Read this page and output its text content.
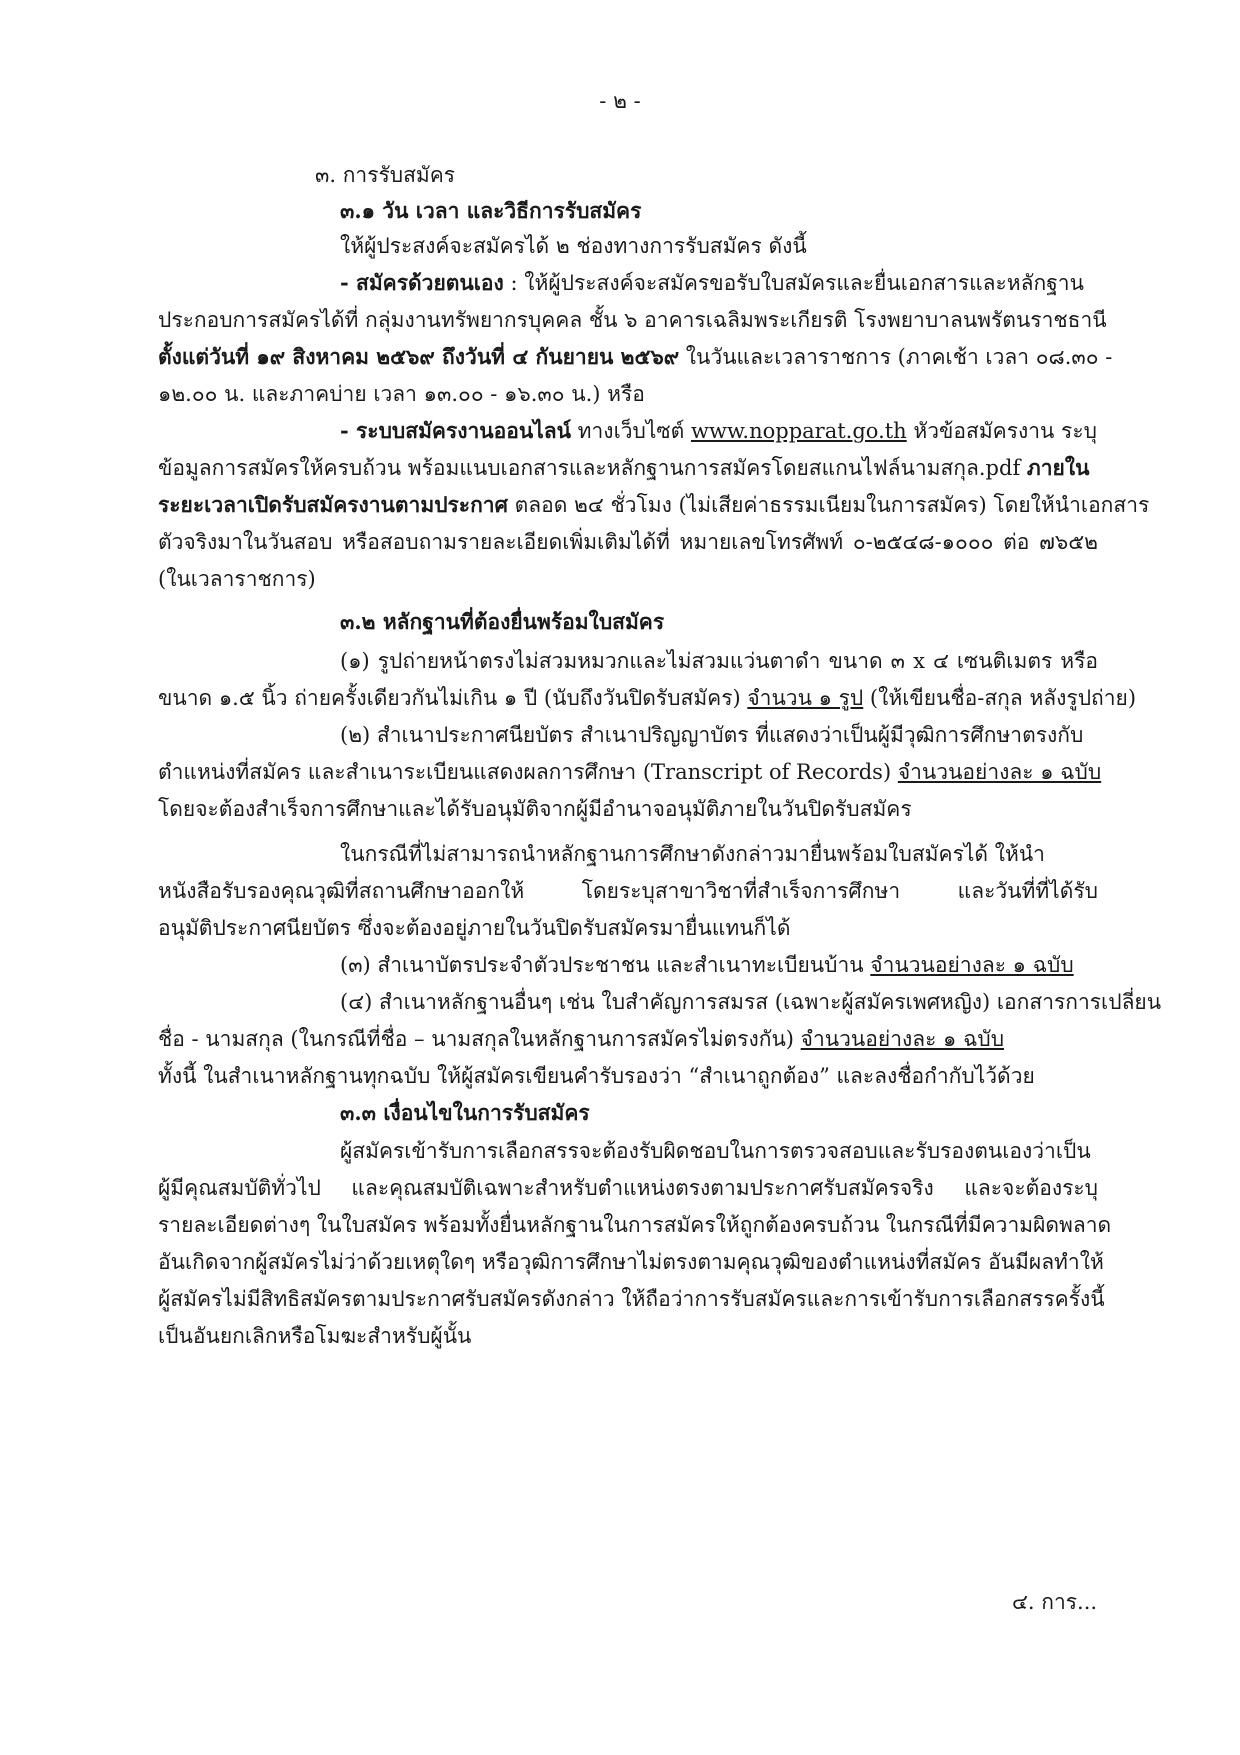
- ๒ -
๓. การรับสมัคร
๓.๑ วัน เวลา และวิธีการรับสมัคร
ให้ผู้ประสงค์จะสมัครได้ ๒ ช่องทางการรับสมัคร ดังนี้
- สมัครด้วยตนเอง : ให้ผู้ประสงค์จะสมัครขอรับใบสมัครและยื่นเอกสารและหลักฐาน
ประกอบการสมัครได้ที่ กลุ่มงานทรัพยากรบุคคล ชั้น ๖ อาคารเฉลิมพระเกียรติ โรงพยาบาลนพรัตนราชธานี
ตั้งแต่วันที่ ๑๙ สิงหาคม ๒๕๖๙ ถึงวันที่ ๔ กันยายน ๒๕๖๙ ในวันและเวลาราชการ (ภาคเช้า เวลา ๐๘.๓๐ -
๑๒.๐๐ น. และภาคบ่าย เวลา ๑๓.๐๐ - ๑๖.๓๐ น.) หรือ
- ระบบสมัครงานออนไลน์ ทางเว็บไซต์ www.nopparat.go.th หัวข้อสมัครงาน ระบุ
ข้อมูลการสมัครให้ครบถ้วน พร้อมแนบเอกสารและหลักฐานการสมัครโดยสแกนไฟล์นามสกุล.pdf ภายใน
ระยะเวลาเปิดรับสมัครงานตามประกาศ ตลอด ๒๔ ชั่วโมง (ไม่เสียค่าธรรมเนียมในการสมัคร) โดยให้นำเอกสาร
ตัวจริงมาในวันสอบ หรือสอบถามรายละเอียดเพิ่มเติมได้ที่ หมายเลขโทรศัพท์ ๐-๒๕๔๘-๑๐๐๐ ต่อ ๗๖๕๒
(ในเวลาราชการ)
๓.๒ หลักฐานที่ต้องยื่นพร้อมใบสมัคร
(๑) รูปถ่ายหน้าตรงไม่สวมหมวกและไม่สวมแว่นตาดำ ขนาด ๓ x ๔ เซนติเมตร หรือ
ขนาด ๑.๕ นิ้ว ถ่ายครั้งเดียวกันไม่เกิน ๑ ปี (นับถึงวันปิดรับสมัคร) จำนวน ๑ รูป (ให้เขียนชื่อ-สกุล หลังรูปถ่าย)
(๒) สำเนาประกาศนียบัตร สำเนาปริญญาบัตร ที่แสดงว่าเป็นผู้มีวุฒิการศึกษาตรงกับ
ตำแหน่งที่สมัคร และสำเนาระเบียนแสดงผลการศึกษา (Transcript of Records) จำนวนอย่างละ ๑ ฉบับ
โดยจะต้องสำเร็จการศึกษาและได้รับอนุมัติจากผู้มีอำนาจอนุมัติภายในวันปิดรับสมัคร
ในกรณีที่ไม่สามารถนำหลักฐานการศึกษาดังกล่าวมายื่นพร้อมใบสมัครได้ ให้นำ
หนังสือรับรองคุณวุฒิที่สถานศึกษาออกให้ โดยระบุสาขาวิชาที่สำเร็จการศึกษา และวันที่ที่ได้รับ
อนุมัติประกาศนียบัตร ซึ่งจะต้องอยู่ภายในวันปิดรับสมัครมายื่นแทนก็ได้
(๓) สำเนาบัตรประจำตัวประชาชน และสำเนาทะเบียนบ้าน จำนวนอย่างละ ๑ ฉบับ
(๔) สำเนาหลักฐานอื่นๆ เช่น ใบสำคัญการสมรส (เฉพาะผู้สมัครเพศหญิง) เอกสารการเปลี่ยน
ชื่อ - นามสกุล (ในกรณีที่ชื่อ – นามสกุลในหลักฐานการสมัครไม่ตรงกัน) จำนวนอย่างละ ๑ ฉบับ
ทั้งนี้ ในสำเนาหลักฐานทุกฉบับ ให้ผู้สมัครเขียนคำรับรองว่า “สำเนาถูกต้อง” และลงชื่อกำกับไว้ด้วย
๓.๓ เงื่อนไขในการรับสมัคร
ผู้สมัครเข้ารับการเลือกสรรจะต้องรับผิดชอบในการตรวจสอบและรับรองตนเองว่าเป็น
ผู้มีคุณสมบัติทั่วไป และคุณสมบัติเฉพาะสำหรับตำแหน่งตรงตามประกาศรับสมัครจริง และจะต้องระบุ
รายละเอียดต่างๆ ในใบสมัคร พร้อมทั้งยื่นหลักฐานในการสมัครให้ถูกต้องครบถ้วน ในกรณีที่มีความผิดพลาด
อันเกิดจากผู้สมัครไม่ว่าด้วยเหตุใดๆ หรือวุฒิการศึกษาไม่ตรงตามคุณวุฒิของตำแหน่งที่สมัคร อันมีผลทำให้
ผู้สมัครไม่มีสิทธิสมัครตามประกาศรับสมัครดังกล่าว ให้ถือว่าการรับสมัครและการเข้ารับการเลือกสรรครั้งนี้
เป็นอันยกเลิกหรือโมฆะสำหรับผู้นั้น
๔. การ...
